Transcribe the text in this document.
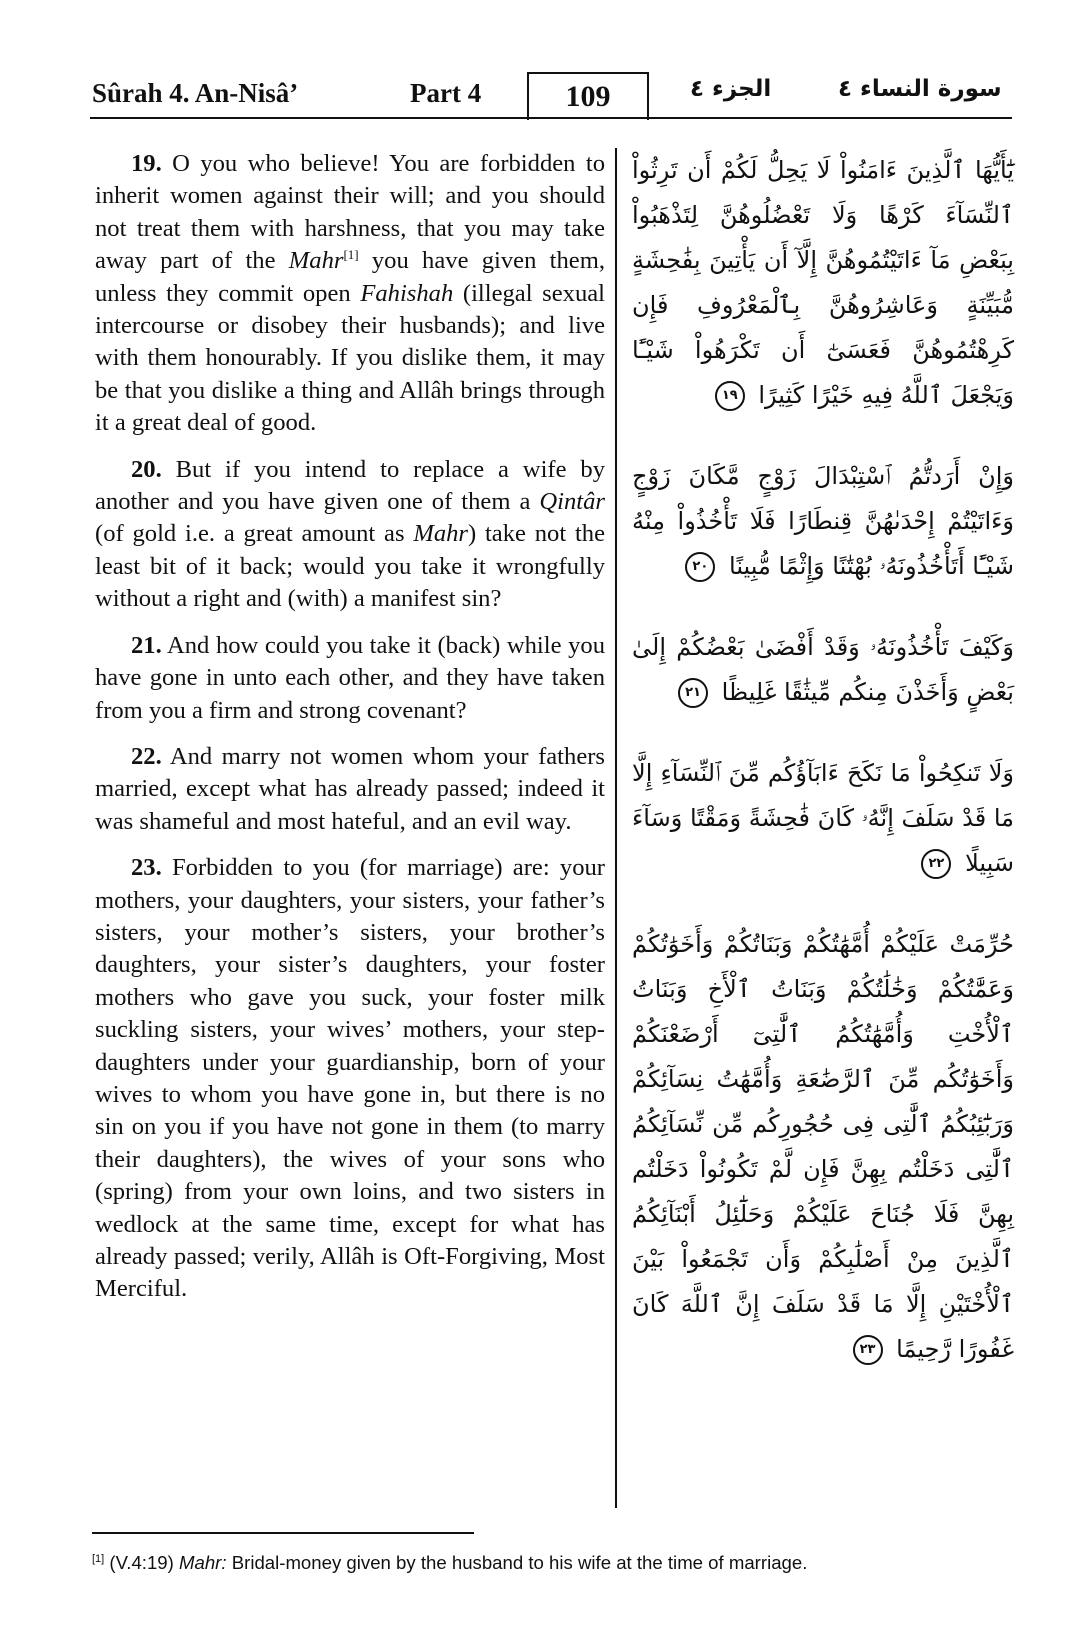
Sûrah 4. An-Nisâ’	Part 4	109	الجزء ٤	سورة النساء ٤

19. O you who believe! You are forbidden to inherit women against their will; and you should not treat them with harshness, that you may take away part of the Mahr[1] you have given them, unless they commit open Fahishah (illegal sexual intercourse or disobey their husbands); and live with them honourably. If you dislike them, it may be that you dislike a thing and Allâh brings through it a great deal of good.

20. But if you intend to replace a wife by another and you have given one of them a Qintâr (of gold i.e. a great amount as Mahr) take not the least bit of it back; would you take it wrongfully without a right and (with) a manifest sin?

21. And how could you take it (back) while you have gone in unto each other, and they have taken from you a firm and strong covenant?

22. And marry not women whom your fathers married, except what has already passed; indeed it was shameful and most hateful, and an evil way.

23. Forbidden to you (for marriage) are: your mothers, your daughters, your sisters, your father’s sisters, your mother’s sisters, your brother’s daughters, your sister’s daughters, your foster mothers who gave you suck, your foster milk suckling sisters, your wives’ mothers, your step-daughters under your guardianship, born of your wives to whom you have gone in, but there is no sin on you if you have not gone in them (to marry their daughters), the wives of your sons who (spring) from your own loins, and two sisters in wedlock at the same time, except for what has already passed; verily, Allâh is Oft-Forgiving, Most Merciful.

يَٰٓأَيُّهَا ٱلَّذِينَ ءَامَنُواْ لَا يَحِلُّ لَكُمْ أَن تَرِثُواْ ٱلنِّسَآءَ كَرْهًا وَلَا تَعْضُلُوهُنَّ لِتَذْهَبُواْ بِبَعْضِ مَآ ءَاتَيْتُمُوهُنَّ إِلَّآ أَن يَأْتِينَ بِفَٰحِشَةٍ مُّبَيِّنَةٍ وَعَاشِرُوهُنَّ بِٱلْمَعْرُوفِ فَإِن كَرِهْتُمُوهُنَّ فَعَسَىٰٓ أَن تَكْرَهُواْ شَيْـًٔا وَيَجْعَلَ ٱللَّهُ فِيهِ خَيْرًا كَثِيرًا ١٩

وَإِنْ أَرَدتُّمُ ٱسْتِبْدَالَ زَوْجٍ مَّكَانَ زَوْجٍ وَءَاتَيْتُمْ إِحْدَىٰهُنَّ قِنطَارًا فَلَا تَأْخُذُواْ مِنْهُ شَيْـًٔا أَتَأْخُذُونَهُۥ بُهْتَٰنًا وَإِثْمًا مُّبِينًا ٢٠

وَكَيْفَ تَأْخُذُونَهُۥ وَقَدْ أَفْضَىٰ بَعْضُكُمْ إِلَىٰ بَعْضٍ وَأَخَذْنَ مِنكُم مِّيثَٰقًا غَلِيظًا ٢١

وَلَا تَنكِحُواْ مَا نَكَحَ ءَابَآؤُكُم مِّنَ ٱلنِّسَآءِ إِلَّا مَا قَدْ سَلَفَ إِنَّهُۥ كَانَ فَٰحِشَةً وَمَقْتًا وَسَآءَ سَبِيلًا ٢٢

حُرِّمَتْ عَلَيْكُمْ أُمَّهَٰتُكُمْ وَبَنَاتُكُمْ وَأَخَوَٰتُكُمْ وَعَمَّٰتُكُمْ وَخَٰلَٰتُكُمْ وَبَنَاتُ ٱلْأَخِ وَبَنَاتُ ٱلْأُخْتِ وَأُمَّهَٰتُكُمُ ٱلَّٰتِىٓ أَرْضَعْنَكُمْ وَأَخَوَٰتُكُم مِّنَ ٱلرَّضَٰعَةِ وَأُمَّهَٰتُ نِسَآئِكُمْ وَرَبَٰٓئِبُكُمُ ٱلَّٰتِى فِى حُجُورِكُم مِّن نِّسَآئِكُمُ ٱلَّٰتِى دَخَلْتُم بِهِنَّ فَإِن لَّمْ تَكُونُواْ دَخَلْتُم بِهِنَّ فَلَا جُنَاحَ عَلَيْكُمْ وَحَلَٰٓئِلُ أَبْنَآئِكُمُ ٱلَّذِينَ مِنْ أَصْلَٰبِكُمْ وَأَن تَجْمَعُواْ بَيْنَ ٱلْأُخْتَيْنِ إِلَّا مَا قَدْ سَلَفَ إِنَّ ٱللَّهَ كَانَ غَفُورًا رَّحِيمًا ٢٣

[1] (V.4:19) Mahr: Bridal-money given by the husband to his wife at the time of marriage.
